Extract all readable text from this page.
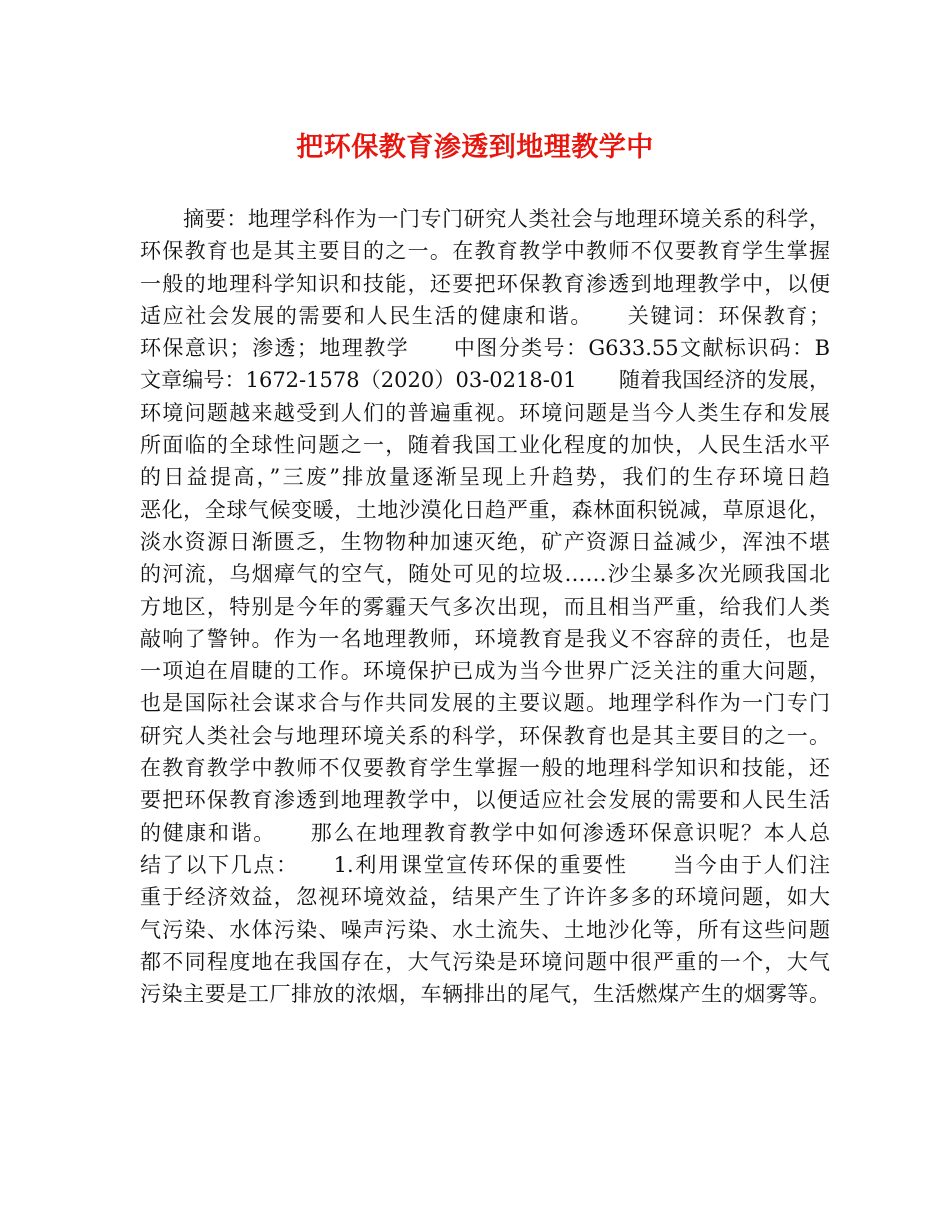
把环保教育渗透到地理教学中
　　摘要：地理学科作为一门专门研究人类社会与地理环境关系的科学，
环保教育也是其主要目的之一。在教育教学中教师不仅要教育学生掌握
一般的地理科学知识和技能，还要把环保教育渗透到地理教学中，以便
适应社会发展的需要和人民生活的健康和谐。　　关键词：环保教育；
环保意识；渗透；地理教学　　中图分类号：G633.55文献标识码：B
文章编号：1672-1578（2020）03-0218-01　　随着我国经济的发展，
环境问题越来越受到人们的普遍重视。环境问题是当今人类生存和发展
所面临的全球性问题之一，随着我国工业化程度的加快，人民生活水平
的日益提高，”三废”排放量逐渐呈现上升趋势，我们的生存环境日趋
恶化，全球气候变暖，土地沙漠化日趋严重，森林面积锐减，草原退化，
淡水资源日渐匮乏，生物物种加速灭绝，矿产资源日益减少，浑浊不堪
的河流，乌烟瘴气的空气，随处可见的垃圾……沙尘暴多次光顾我国北
方地区，特别是今年的雾霾天气多次出现，而且相当严重，给我们人类
敲响了警钟。作为一名地理教师，环境教育是我义不容辞的责任，也是
一项迫在眉睫的工作。环境保护已成为当今世界广泛关注的重大问题，
也是国际社会谋求合与作共同发展的主要议题。地理学科作为一门专门
研究人类社会与地理环境关系的科学，环保教育也是其主要目的之一。
在教育教学中教师不仅要教育学生掌握一般的地理科学知识和技能，还
要把环保教育渗透到地理教学中，以便适应社会发展的需要和人民生活
的健康和谐。　　那么在地理教育教学中如何渗透环保意识呢？本人总
结了以下几点：　　1.利用课堂宣传环保的重要性　　当今由于人们注
重于经济效益，忽视环境效益，结果产生了许许多多的环境问题，如大
气污染、水体污染、噪声污染、水土流失、土地沙化等，所有这些问题
都不同程度地在我国存在，大气污染是环境问题中很严重的一个，大气
污染主要是工厂排放的浓烟，车辆排出的尾气，生活燃煤产生的烟雾等。
